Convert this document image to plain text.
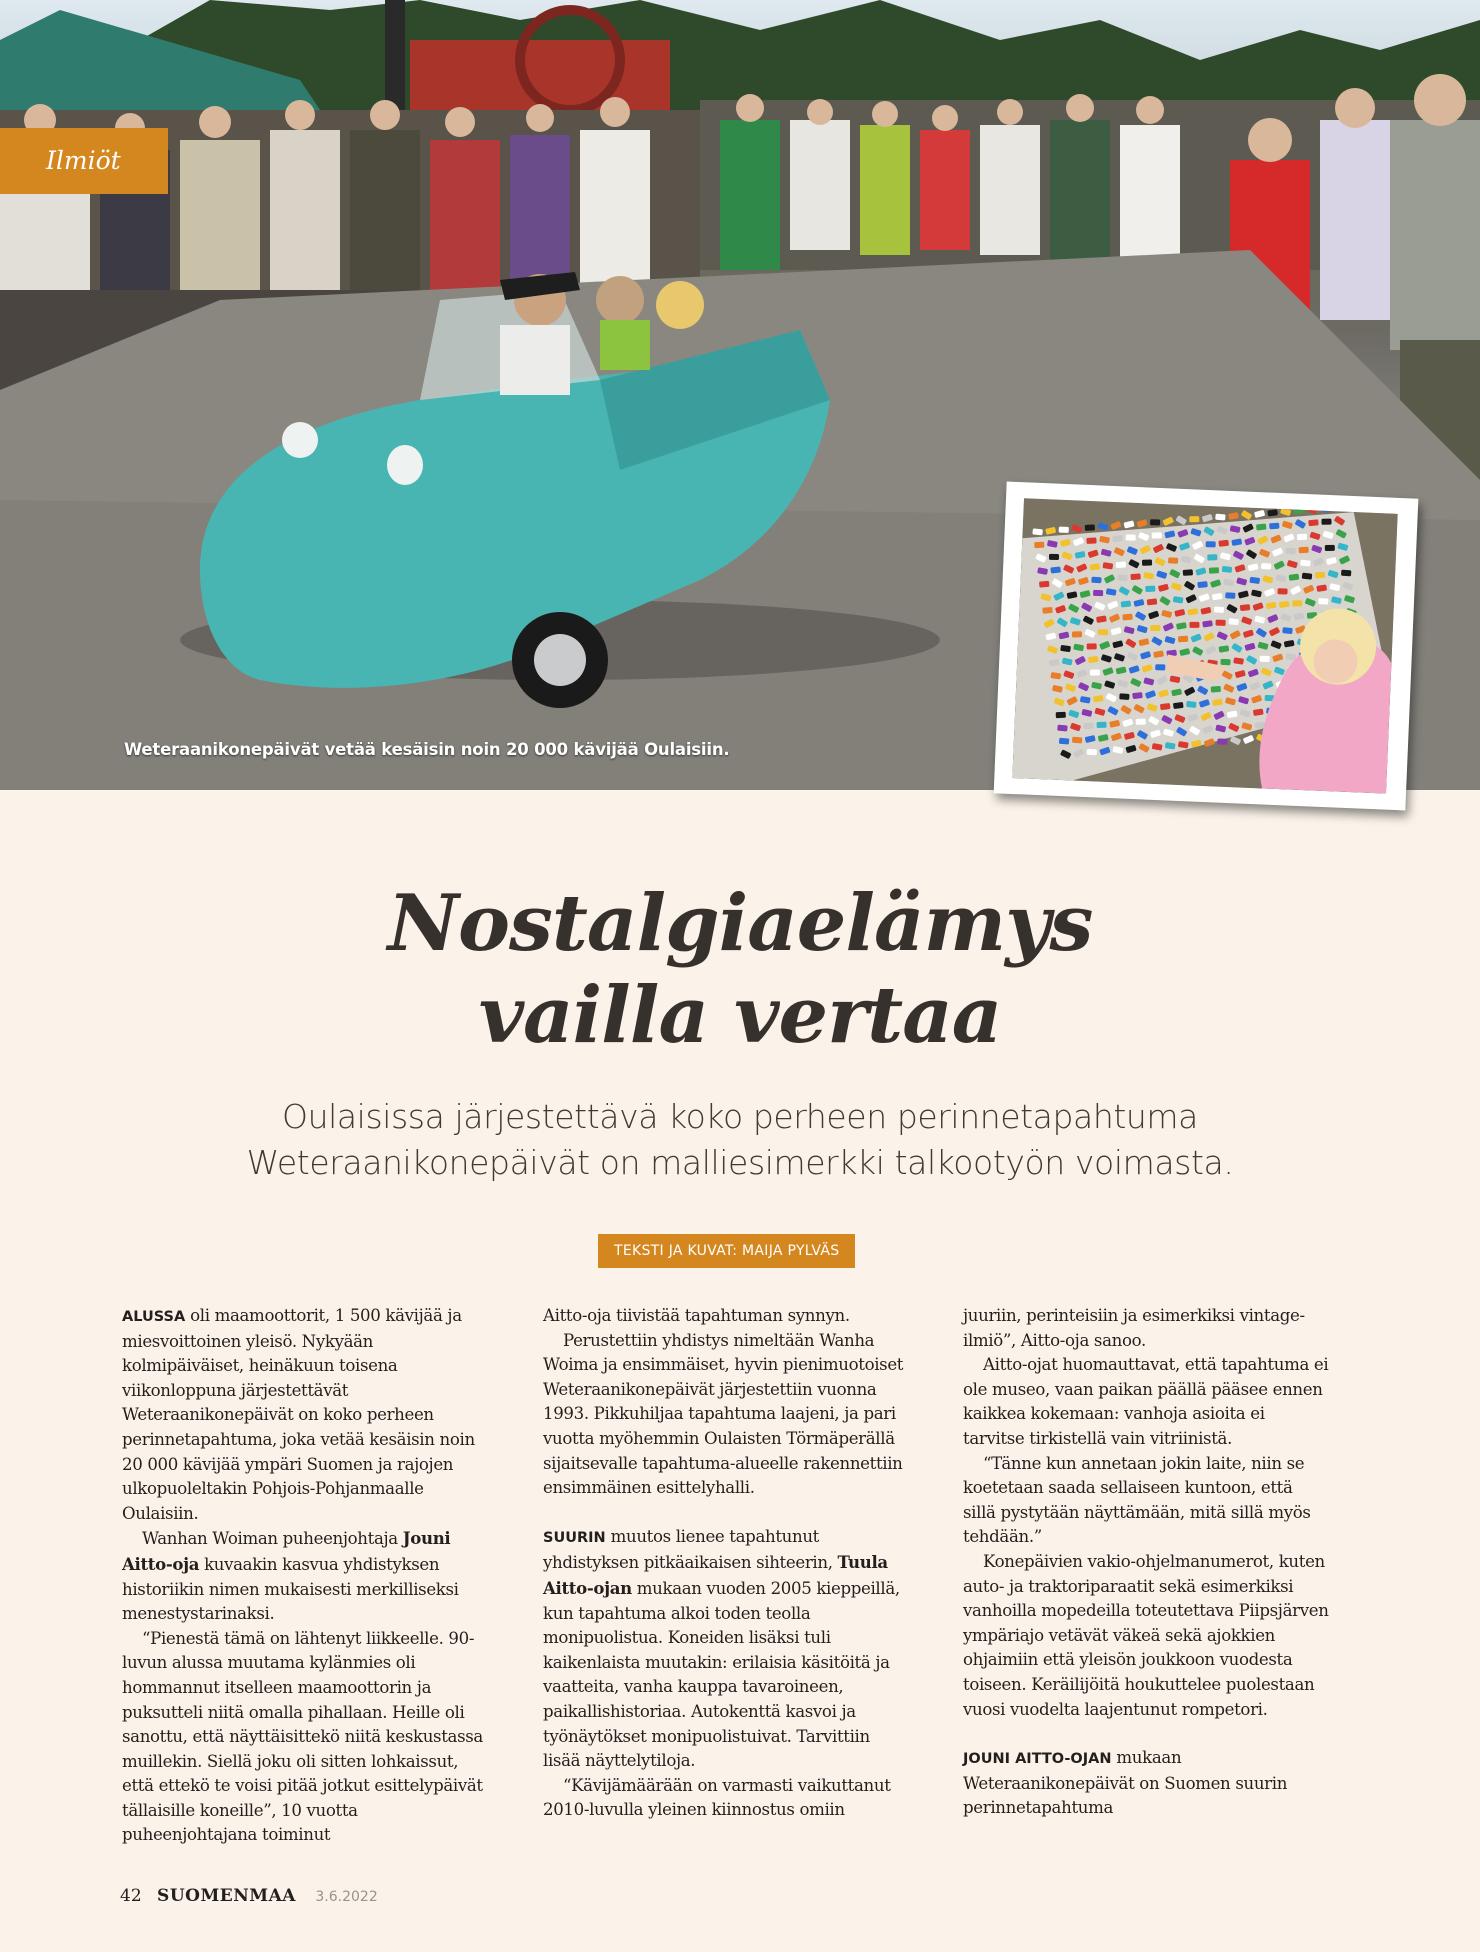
Ilmiöt
Weteraanikonepäivät vetää kesäisin noin 20 000 kävijää Oulaisiin.
Nostalgiaelämys
vailla vertaa
Oulaisissa järjestettävä koko perheen perinnetapahtuma
Weteraanikonepäivät on malliesimerkki talkootyön voimasta.
TEKSTI JA KUVAT: MAIJA PYLVÄS

ALUSSA oli maamoottorit, 1 500 kävijää ja miesvoittoinen yleisö. Nykyään kolmipäiväiset, heinäkuun toisena viikonloppuna järjestettävät Weteraanikonepäivät on koko perheen perinnetapahtuma, joka vetää kesäisin noin 20 000 kävijää ympäri Suomen ja rajojen ulkopuoleltakin Pohjois-Pohjanmaalle Oulaisiin.

Wanhan Woiman puheenjohtaja Jouni Aitto-oja kuvaakin kasvua yhdistyksen historiikin nimen mukaisesti merkilliseksi menestystarinaksi.

“Pienestä tämä on lähtenyt liikkeelle. 90-luvun alussa muutama kylänmies oli hommannut itselleen maamoottorin ja puksutteli niitä omalla pihallaan. Heille oli sanottu, että näyttäisittekö niitä keskustassa muillekin. Siellä joku oli sitten lohkaissut, että ettekö te voisi pitää jotkut esittelypäivät tällaisille koneille”, 10 vuotta puheenjohtajana toiminut

Aitto-oja tiivistää tapahtuman synnyn.

Perustettiin yhdistys nimeltään Wanha Woima ja ensimmäiset, hyvin pienimuotoiset Weteraanikonepäivät järjestettiin vuonna 1993. Pikkuhiljaa tapahtuma laajeni, ja pari vuotta myöhemmin Oulaisten Törmäperällä sijaitsevalle tapahtuma-alueelle rakennettiin ensimmäinen esittelyhalli.

SUURIN muutos lienee tapahtunut yhdistyksen pitkäaikaisen sihteerin, Tuula Aitto-ojan mukaan vuoden 2005 kieppeillä, kun tapahtuma alkoi toden teolla monipuolistua. Koneiden lisäksi tuli kaikenlaista muutakin: erilaisia käsitöitä ja vaatteita, vanha kauppa tavaroineen, paikallishistoriaa. Autokenttä kasvoi ja työnäytökset monipuolistuivat. Tarvittiin lisää näyttelytiloja.

“Kävijämäärään on varmasti vaikuttanut 2010-luvulla yleinen kiinnostus omiin

juuriin, perinteisiin ja esimerkiksi vintage-ilmiö”, Aitto-oja sanoo.

Aitto-ojat huomauttavat, että tapahtuma ei ole museo, vaan paikan päällä pääsee ennen kaikkea kokemaan: vanhoja asioita ei tarvitse tirkistellä vain vitriinistä.

“Tänne kun annetaan jokin laite, niin se koetetaan saada sellaiseen kuntoon, että sillä pystytään näyttämään, mitä sillä myös tehdään.”

Konepäivien vakio-ohjelmanumerot, kuten auto- ja traktoriparaatit sekä esimerkiksi vanhoilla mopedeilla toteutettava Piipsjärven ympäriajo vetävät väkeä sekä ajokkien ohjaimiin että yleisön joukkoon vuodesta toiseen. Keräilijöitä houkuttelee puolestaan vuosi vuodelta laajentunut rompetori.

JOUNI AITTO-OJAN mukaan Weteraanikonepäivät on Suomen suurin perinnetapahtuma

42 SUOMENMAA 3.6.2022
